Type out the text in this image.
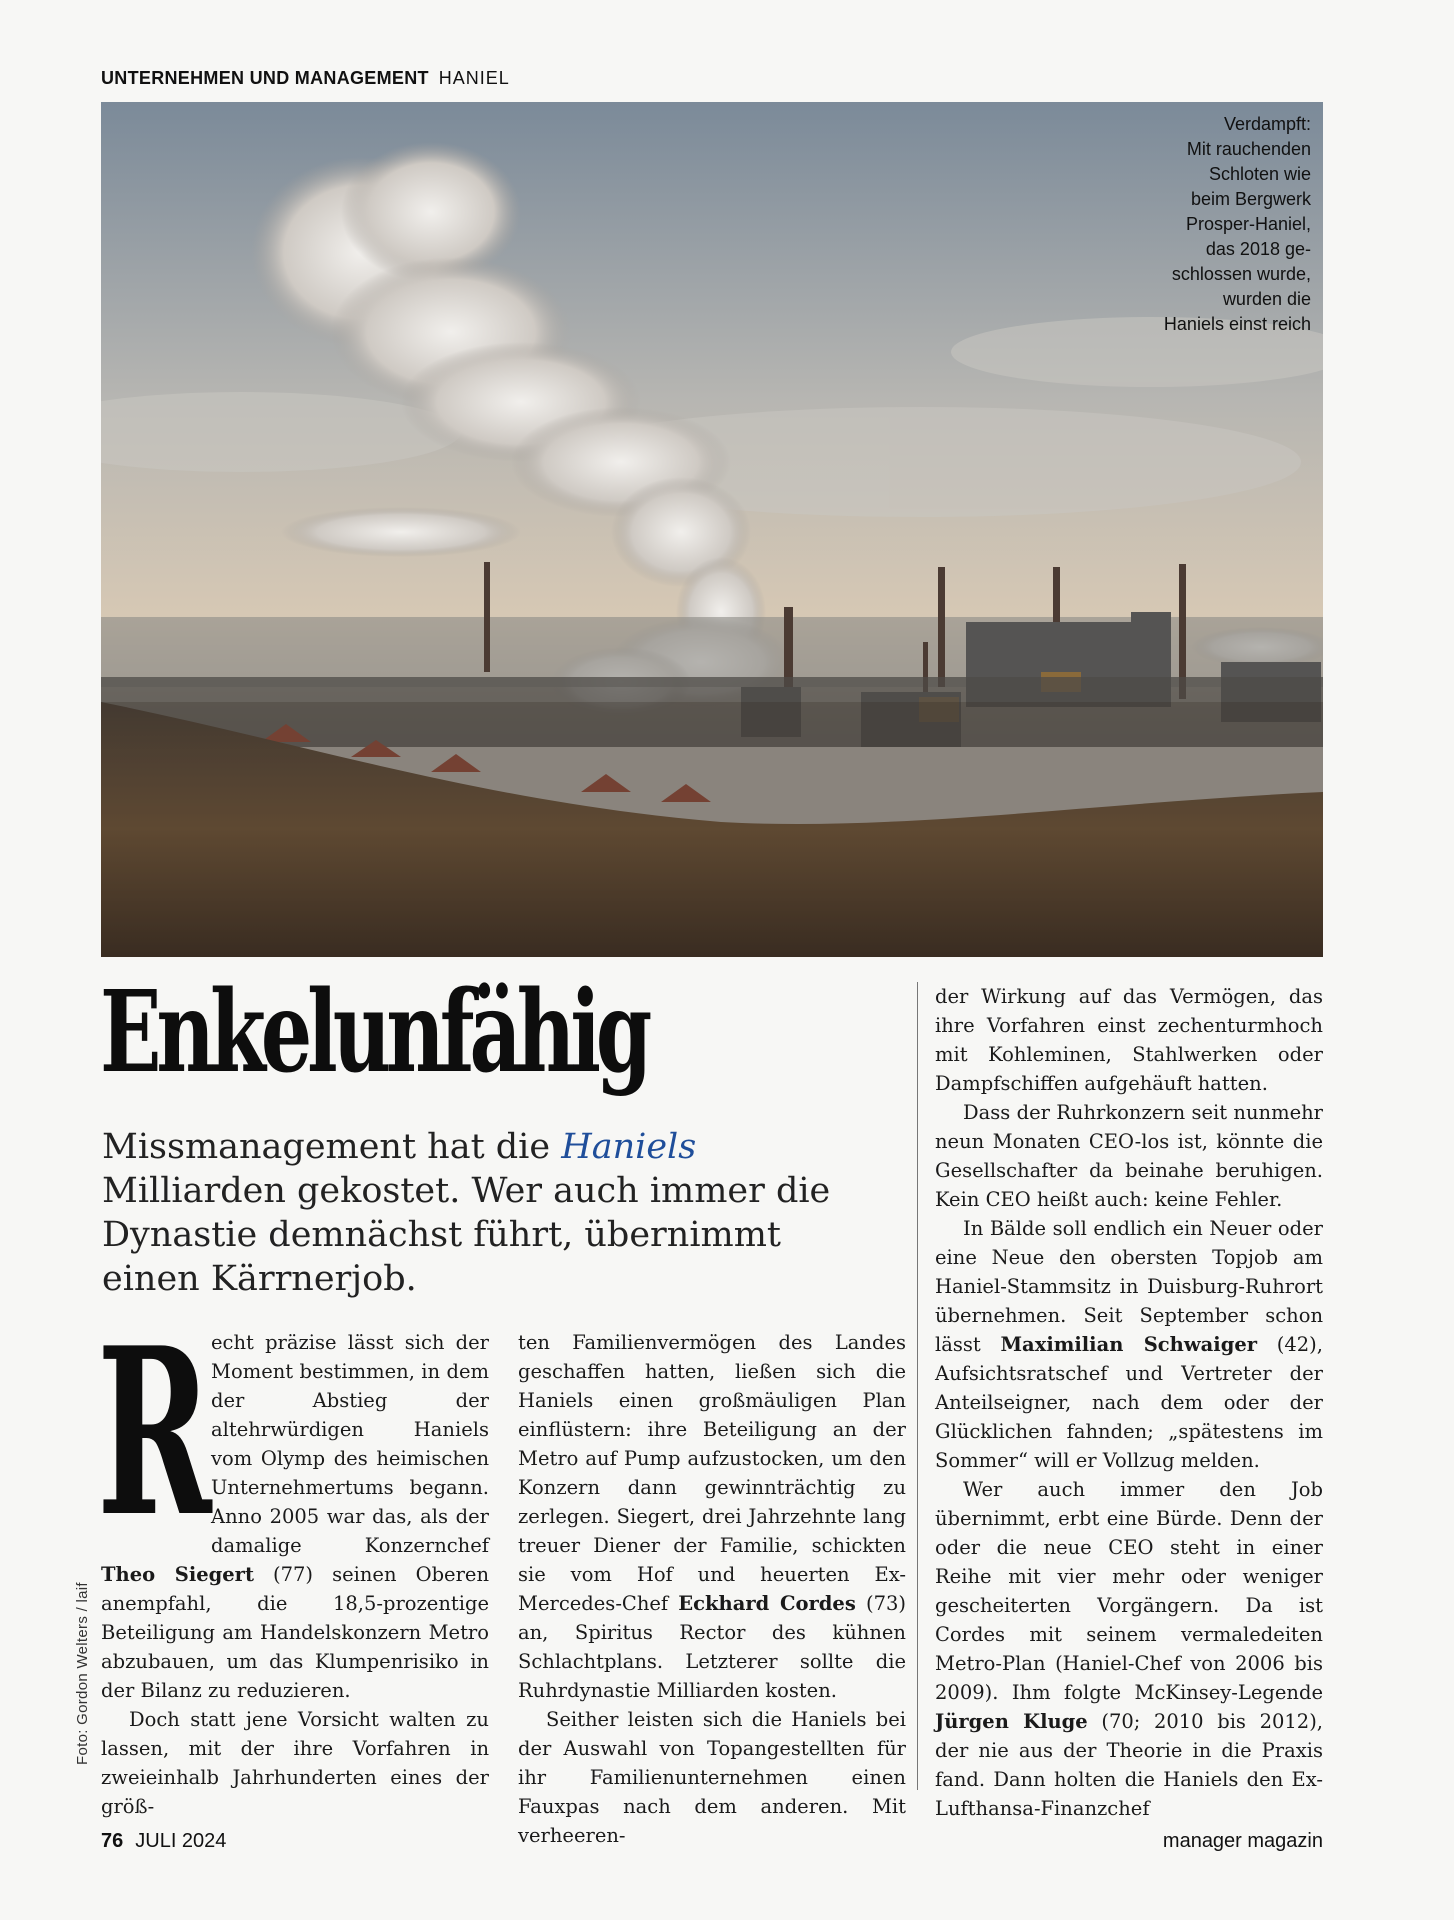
UNTERNEHMEN UND MANAGEMENT HANIEL
Verdampft:
Mit rauchenden
Schloten wie
beim Bergwerk
Prosper-Haniel,
das 2018 ge-
schlossen wurde,
wurden die
Haniels einst reich
Foto: Gordon Welters / laif
Enkelunfähig
Missmanagement hat die Haniels Milliarden gekostet. Wer auch immer die Dynastie demnächst führt, übernimmt einen Kärrnerjob.
R echt präzise lässt sich der Moment bestimmen, in dem der Abstieg der altehrwürdigen Haniels vom Olymp des heimischen Unternehmertums begann. Anno 2005 war das, als der damalige Konzernchef Theo Siegert (77) seinen Oberen anempfahl, die 18,5-prozentige Beteiligung am Handelskonzern Metro abzubauen, um das Klumpenrisiko in der Bilanz zu reduzieren.

Doch statt jene Vorsicht walten zu lassen, mit der ihre Vorfahren in zweieinhalb Jahrhunderten eines der größ-

ten Familienvermögen des Landes geschaffen hatten, ließen sich die Haniels einen großmäuligen Plan einflüstern: ihre Beteiligung an der Metro auf Pump aufzustocken, um den Konzern dann gewinnträchtig zu zerlegen. Siegert, drei Jahrzehnte lang treuer Diener der Familie, schickten sie vom Hof und heuerten Ex-Mercedes-Chef Eckhard Cordes (73) an, Spiritus Rector des kühnen Schlachtplans. Letzterer sollte die Ruhrdynastie Milliarden kosten.

Seither leisten sich die Haniels bei der Auswahl von Topangestellten für ihr Familienunternehmen einen Fauxpas nach dem anderen. Mit verheeren-

der Wirkung auf das Vermögen, das ihre Vorfahren einst zechenturmhoch mit Kohleminen, Stahlwerken oder Dampfschiffen aufgehäuft hatten.

Dass der Ruhrkonzern seit nunmehr neun Monaten CEO-los ist, könnte die Gesellschafter da beinahe beruhigen. Kein CEO heißt auch: keine Fehler.

In Bälde soll endlich ein Neuer oder eine Neue den obersten Topjob am Haniel-Stammsitz in Duisburg-Ruhrort übernehmen. Seit September schon lässt Maximilian Schwaiger (42), Aufsichtsratschef und Vertreter der Anteilseigner, nach dem oder der Glücklichen fahnden; „spätestens im Sommer“ will er Vollzug melden.

Wer auch immer den Job übernimmt, erbt eine Bürde. Denn der oder die neue CEO steht in einer Reihe mit vier mehr oder weniger gescheiterten Vorgängern. Da ist Cordes mit seinem vermaledeiten Metro-Plan (Haniel-Chef von 2006 bis 2009). Ihm folgte McKinsey-Legende Jürgen Kluge (70; 2010 bis 2012), der nie aus der Theorie in die Praxis fand. Dann holten die Haniels den Ex-Lufthansa-Finanzchef

76 JULI 2024	manager magazin
